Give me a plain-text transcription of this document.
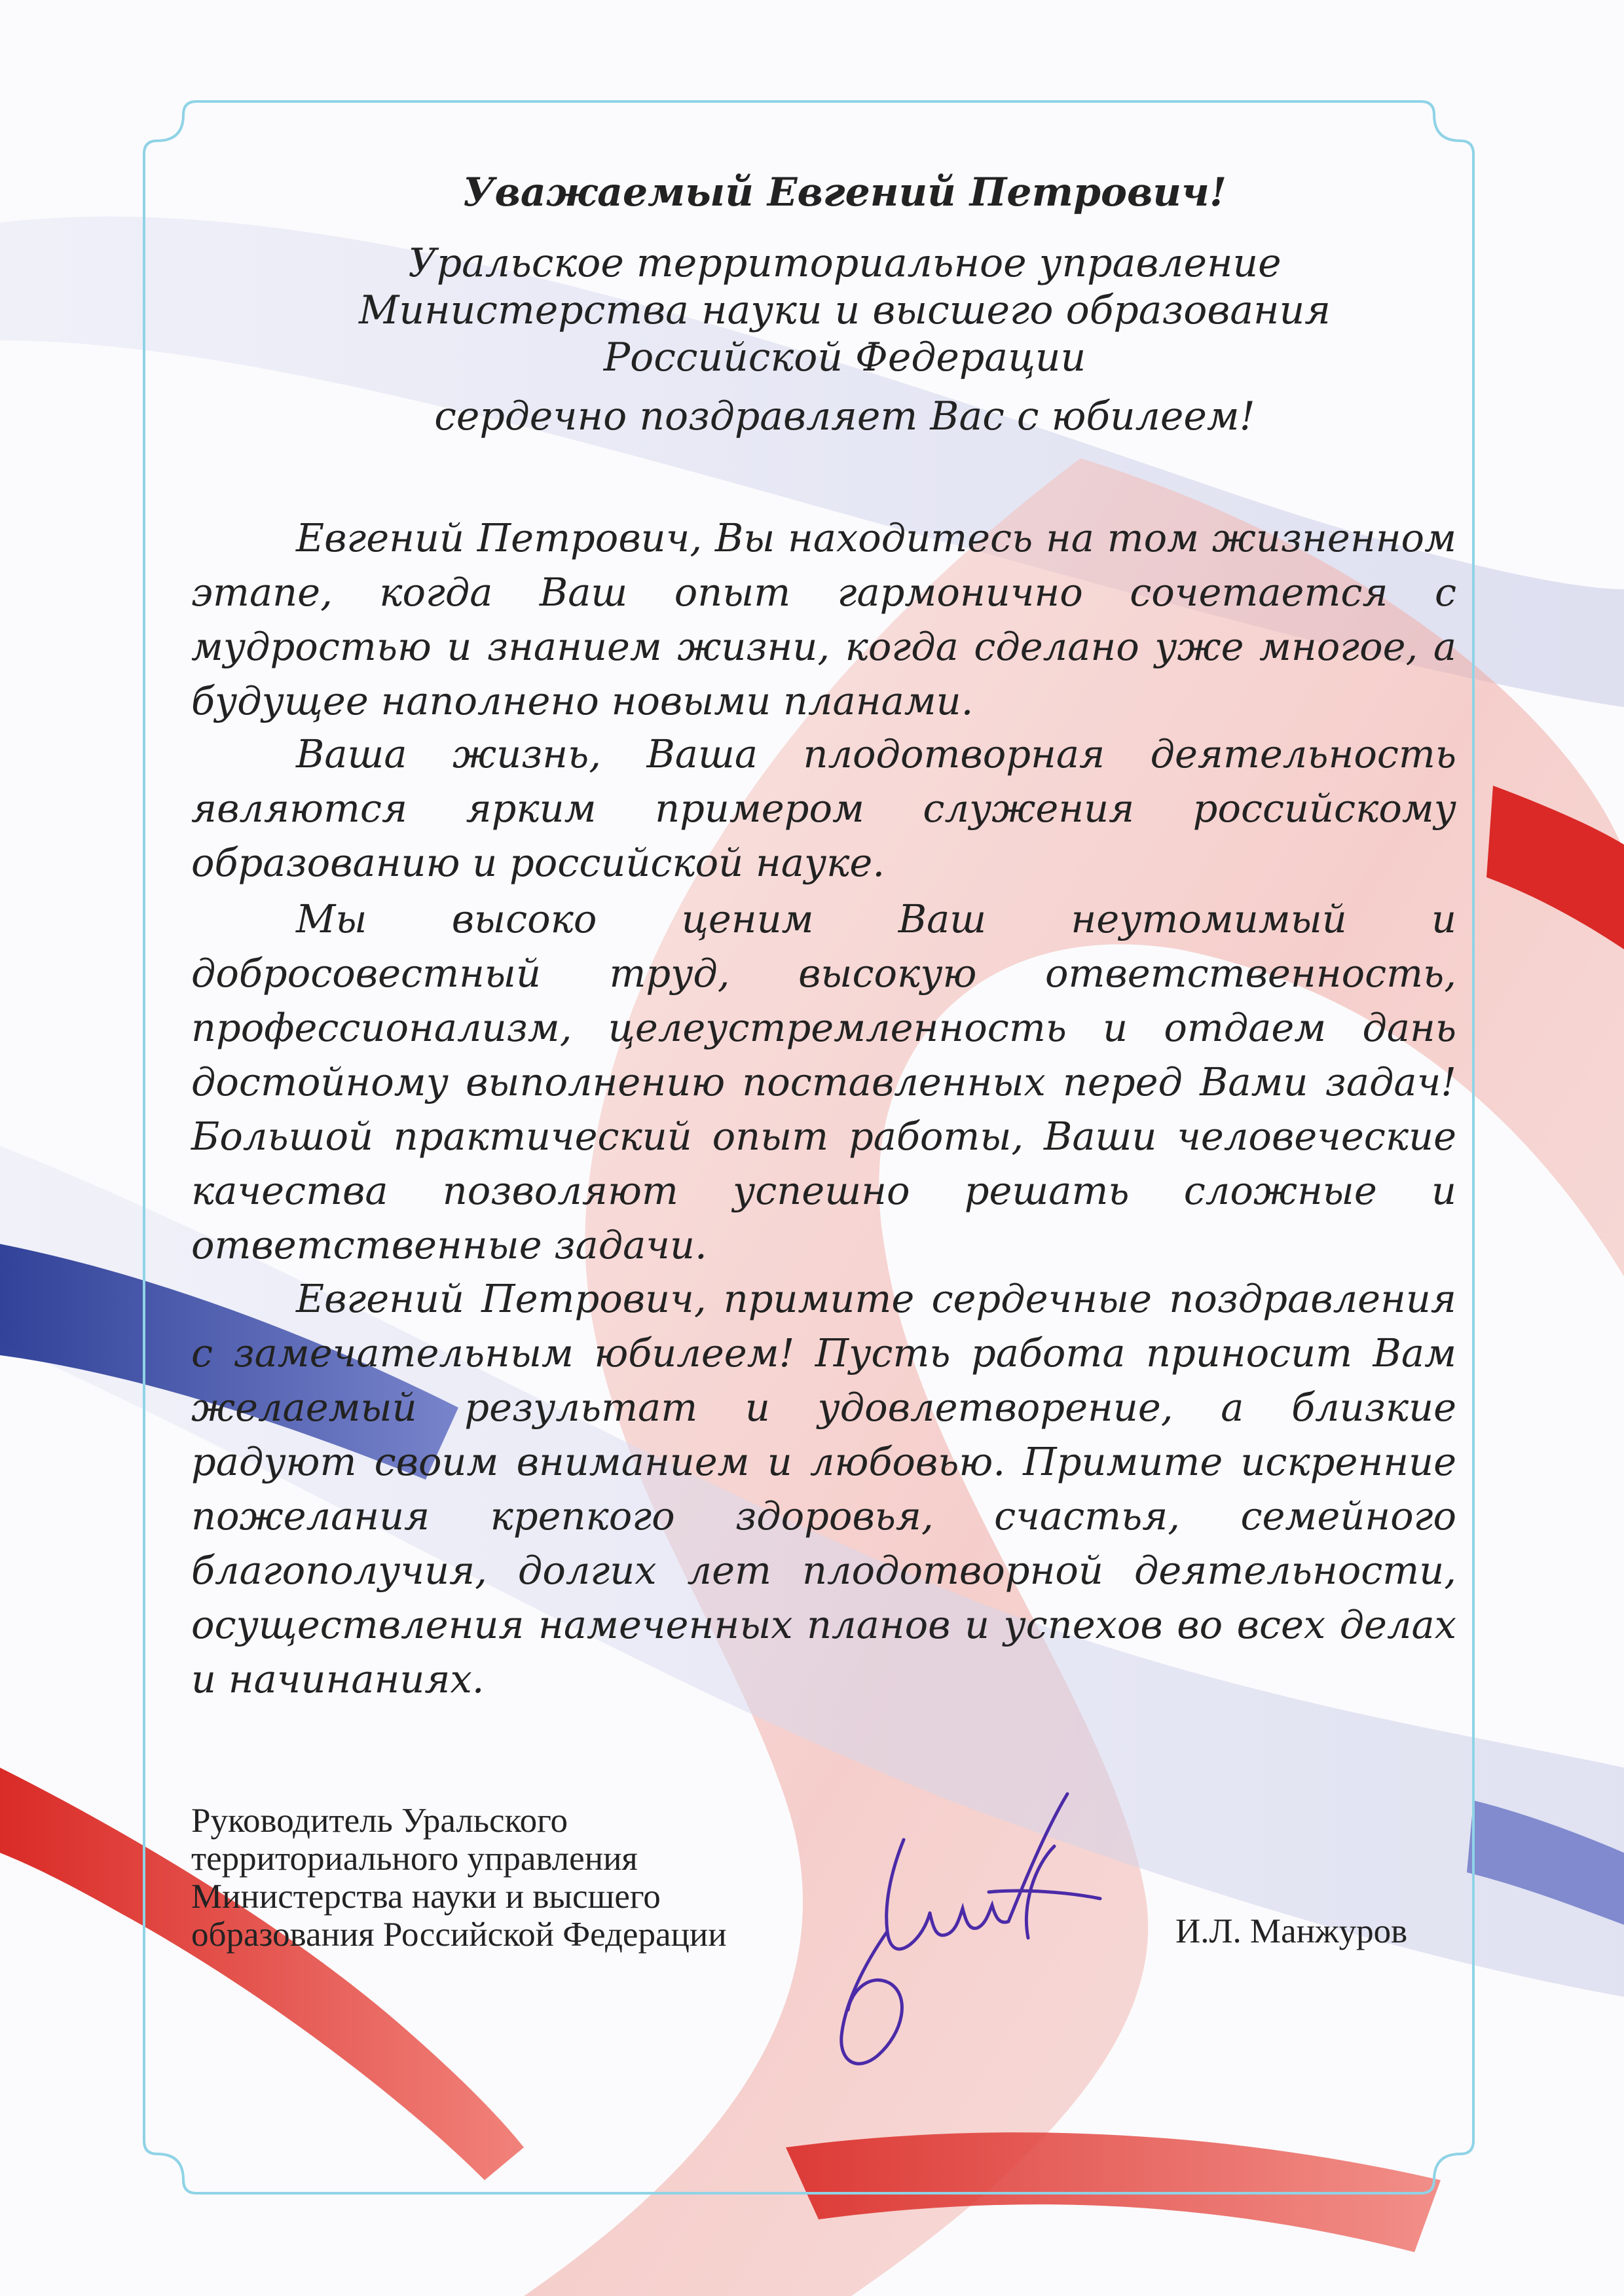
Уважаемый Евгений Петрович!
Уральское территориальное управление
Министерства науки и высшего образования
Российской Федерации
сердечно поздравляет Вас с юбилеем!

Евгений Петрович, Вы находитесь на том жизненном этапе, когда Ваш опыт гармонично сочетается с мудростью и знанием жизни, когда сделано уже многое, а будущее наполнено новыми планами.

Ваша жизнь, Ваша плодотворная деятельность являются ярким примером служения российскому образованию и российской науке.

Мы высоко ценим Ваш неутомимый и добросовестный труд, высокую ответственность, профессионализм, целеустремленность и отдаем дань достойному выполнению поставленных перед Вами задач! Большой практический опыт работы, Ваши человеческие качества позволяют успешно решать сложные и ответственные задачи.

Евгений Петрович, примите сердечные поздравления с замечательным юбилеем! Пусть работа приносит Вам желаемый результат и удовлетворение, а близкие радуют своим вниманием и любовью. Примите искренние пожелания крепкого здоровья, счастья, семейного благополучия, долгих лет плодотворной деятельности, осуществления намеченных планов и успехов во всех делах и начинаниях.

Руководитель Уральского
территориального управления
Министерства науки и высшего
образования Российской Федерации	И.Л. Манжуров
